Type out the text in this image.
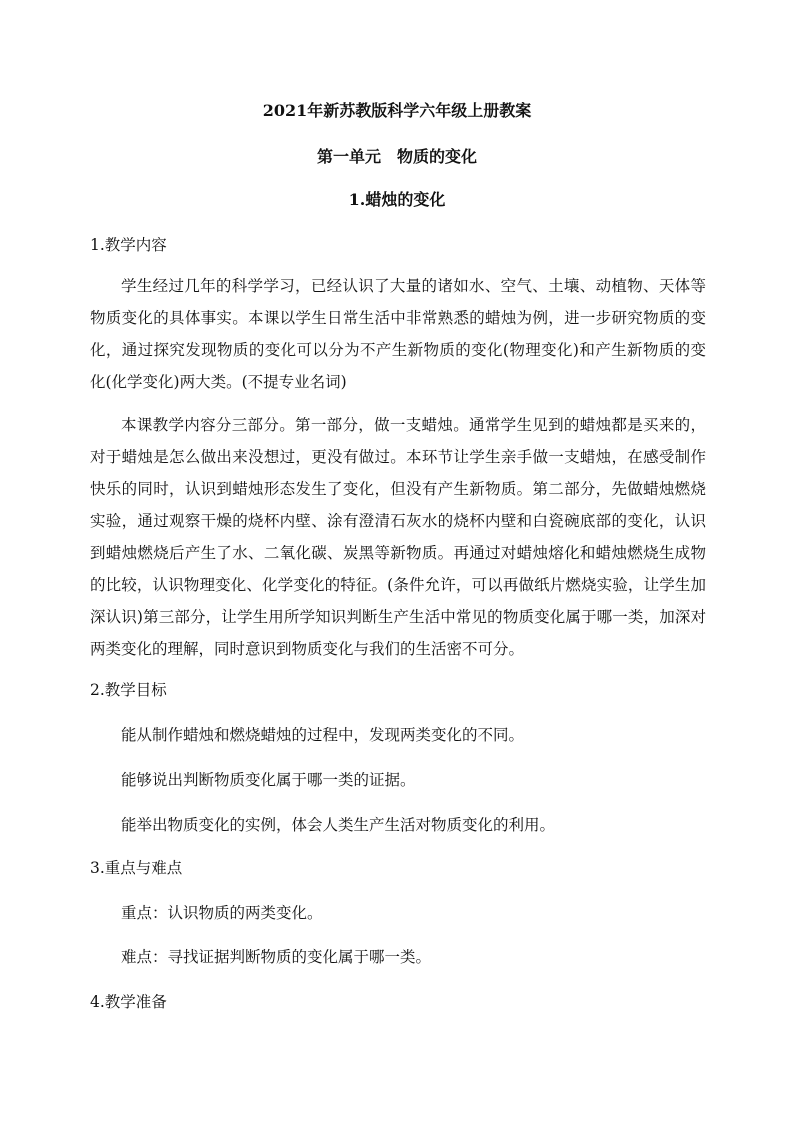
2021年新苏教版科学六年级上册教案
第一单元　物质的变化
1.蜡烛的变化
1.教学内容

学生经过几年的科学学习，已经认识了大量的诸如水、空气、土壤、动植物、天体等物质变化的具体事实。本课以学生日常生活中非常熟悉的蜡烛为例，进一步研究物质的变化，通过探究发现物质的变化可以分为不产生新物质的变化(物理变化)和产生新物质的变化(化学变化)两大类。(不提专业名词)

本课教学内容分三部分。第一部分，做一支蜡烛。通常学生见到的蜡烛都是买来的，对于蜡烛是怎么做出来没想过，更没有做过。本环节让学生亲手做一支蜡烛，在感受制作快乐的同时，认识到蜡烛形态发生了变化，但没有产生新物质。第二部分，先做蜡烛燃烧实验，通过观察干燥的烧杯内壁、涂有澄清石灰水的烧杯内壁和白瓷碗底部的变化，认识到蜡烛燃烧后产生了水、二氧化碳、炭黑等新物质。再通过对蜡烛熔化和蜡烛燃烧生成物的比较，认识物理变化、化学变化的特征。(条件允许，可以再做纸片燃烧实验，让学生加深认识)第三部分，让学生用所学知识判断生产生活中常见的物质变化属于哪一类，加深对两类变化的理解，同时意识到物质变化与我们的生活密不可分。

2.教学目标
能从制作蜡烛和燃烧蜡烛的过程中，发现两类变化的不同。
能够说出判断物质变化属于哪一类的证据。
能举出物质变化的实例，体会人类生产生活对物质变化的利用。
3.重点与难点
重点：认识物质的两类变化。
难点：寻找证据判断物质的变化属于哪一类。
4.教学准备
